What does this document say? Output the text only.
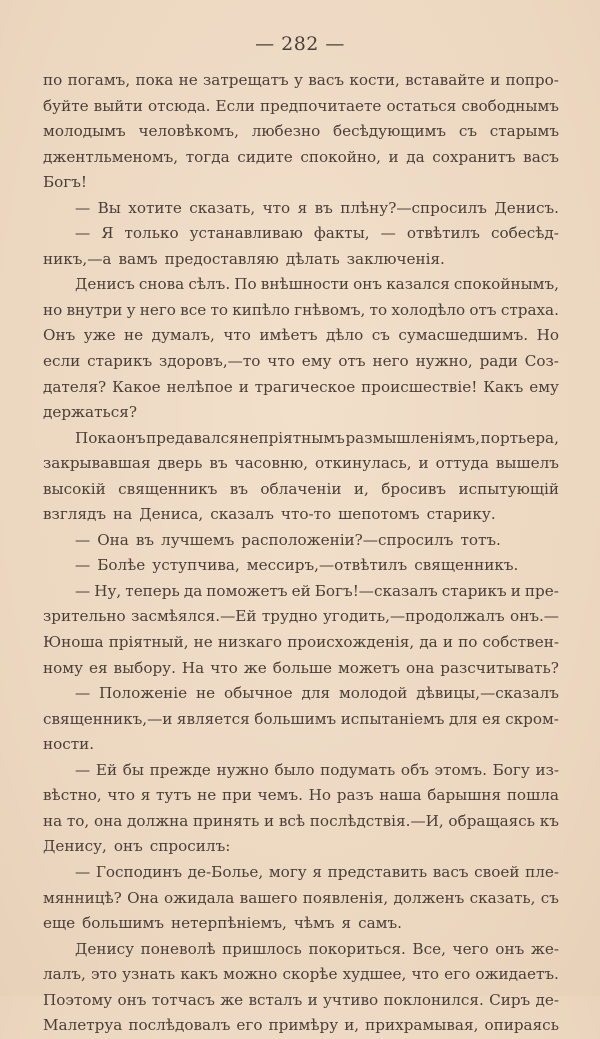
— 282 —
по погамъ, пока не затрещатъ у васъ кости, вставайте и попро-
буйте выйти отсюда. Если предпочитаете остаться свободнымъ
молодымъ человѣкомъ, любезно бесѣдующимъ съ старымъ
джентльменомъ, тогда сидите спокойно, и да сохранитъ васъ
Богъ!
— Вы хотите сказать, что я въ плѣну?—спросилъ Денисъ.
— Я только устанавливаю факты, — отвѣтилъ собесѣд-
никъ,—а вамъ предоставляю дѣлать заключенія.
Денисъ снова сѣлъ. По внѣшности онъ казался спокойнымъ,
но внутри у него все то кипѣло гнѣвомъ, то холодѣло отъ страха.
Онъ уже не думалъ, что имѣетъ дѣло съ сумасшедшимъ. Но
если старикъ здоровъ,—то что ему отъ него нужно, ради Соз-
дателя? Какое нелѣпое и трагическое происшествіе! Какъ ему
держаться?
Пока онъ предавался непріятнымъ размышленіямъ, портьера,
закрывавшая дверь въ часовню, откинулась, и оттуда вышелъ
высокій священникъ въ облаченіи и, бросивъ испытующій
взглядъ на Дениса, сказалъ что-то шепотомъ старику.
— Она въ лучшемъ расположеніи?—спросилъ тотъ.
— Болѣе уступчива, мессиръ,—отвѣтилъ священникъ.
— Ну, теперь да поможетъ ей Богъ!—сказалъ старикъ и пре-
зрительно засмѣялся.—Ей трудно угодить,—продолжалъ онъ.—
Юноша пріятный, не низкаго происхожденія, да и по собствен-
ному ея выбору. На что же больше можетъ она разсчитывать?
— Положеніе не обычное для молодой дѣвицы,—сказалъ
священникъ,—и является большимъ испытаніемъ для ея скром-
ности.
— Ей бы прежде нужно было подумать объ этомъ. Богу из-
вѣстно, что я тутъ не при чемъ. Но разъ наша барышня пошла
на то, она должна принять и всѣ послѣдствія.—И, обращаясь къ
Денису, онъ спросилъ:
— Господинъ де-Болье, могу я представить васъ своей пле-
мянницѣ? Она ожидала вашего появленія, долженъ сказать, съ
еще большимъ нетерпѣніемъ, чѣмъ я самъ.
Денису поневолѣ пришлось покориться. Все, чего онъ же-
лалъ, это узнать какъ можно скорѣе худшее, что его ожидаетъ.
Поэтому онъ тотчасъ же всталъ и учтиво поклонился. Сиръ де-
Малетруа послѣдовалъ его примѣру и, прихрамывая, опираясь
